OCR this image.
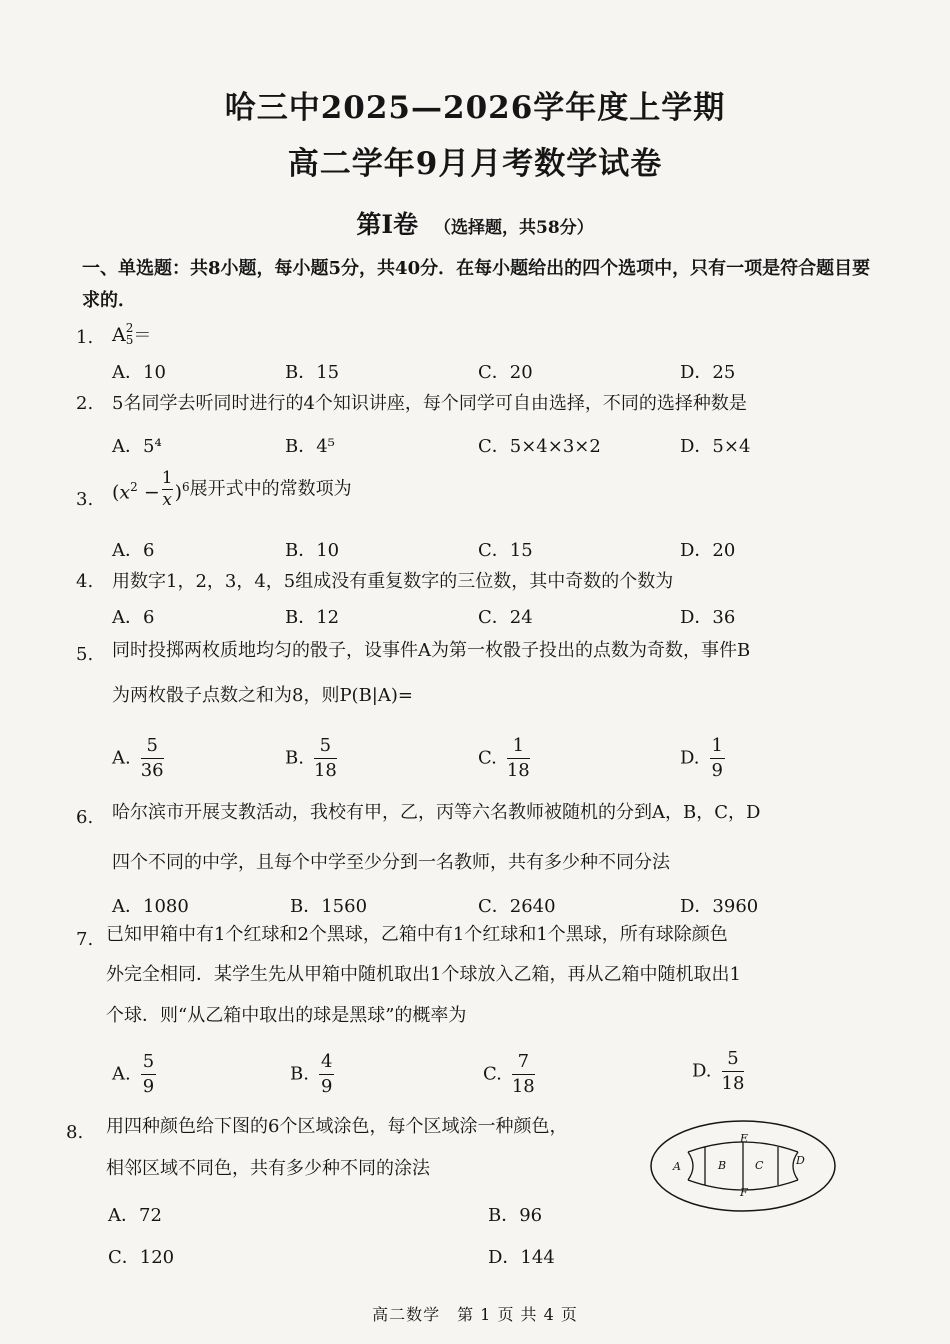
哈三中2025—2026学年度上学期
高二学年9月月考数学试卷
第Ⅰ卷 （选择题，共58分）
一、单选题：共8小题，每小题5分，共40分．在每小题给出的四个选项中，只有一项是符合题目要求的．
1. A 2
5 ＝
A．10	B．15	C．20	D．25
2. 5名同学去听同时进行的4个知识讲座，每个同学可自由选择，不同的选择种数是
A．5⁴	B．4⁵	C．5×4×3×2	D．5×4
3. $(x^2 - \frac{1}{x} )^6$展开式中的常数项为
A．6	B．10	C．15	D．20
4. 用数字1，2，3，4，5组成没有重复数字的三位数，其中奇数的个数为
A．6	B．12	C．24	D．36
5. 同时投掷两枚质地均匀的骰子，设事件A为第一枚骰子投出的点数为奇数，事件B
为两枚骰子点数之和为8，则P(B|A)=
A. $\frac{5}{36}$	B. $\frac{5}{18}$	C. $\frac{1}{18}$	D. $\frac{1}{9}$
6. 哈尔滨市开展支教活动，我校有甲，乙，丙等六名教师被随机的分到A，B，C，D
四个不同的中学，且每个中学至少分到一名教师，共有多少种不同分法
A．1080	B．1560	C．2640	D．3960
7. 已知甲箱中有1个红球和2个黑球，乙箱中有1个红球和1个黑球，所有球除颜色
外完全相同．某学生先从甲箱中随机取出1个球放入乙箱，再从乙箱中随机取出1
个球．则“从乙箱中取出的球是黑球”的概率为
A. $\frac{5}{9}$	B. $\frac{4}{9}$	C. $\frac{7}{18}$	D. $\frac{5}{18}$
8. 用四种颜色给下图的6个区域涂色，每个区域涂一种颜色，
相邻区域不同色，共有多少种不同的涂法
A．72	B．96
C．120	D．144
A	B	C	D
E
F
高二数学　第 1 页 共 4 页
